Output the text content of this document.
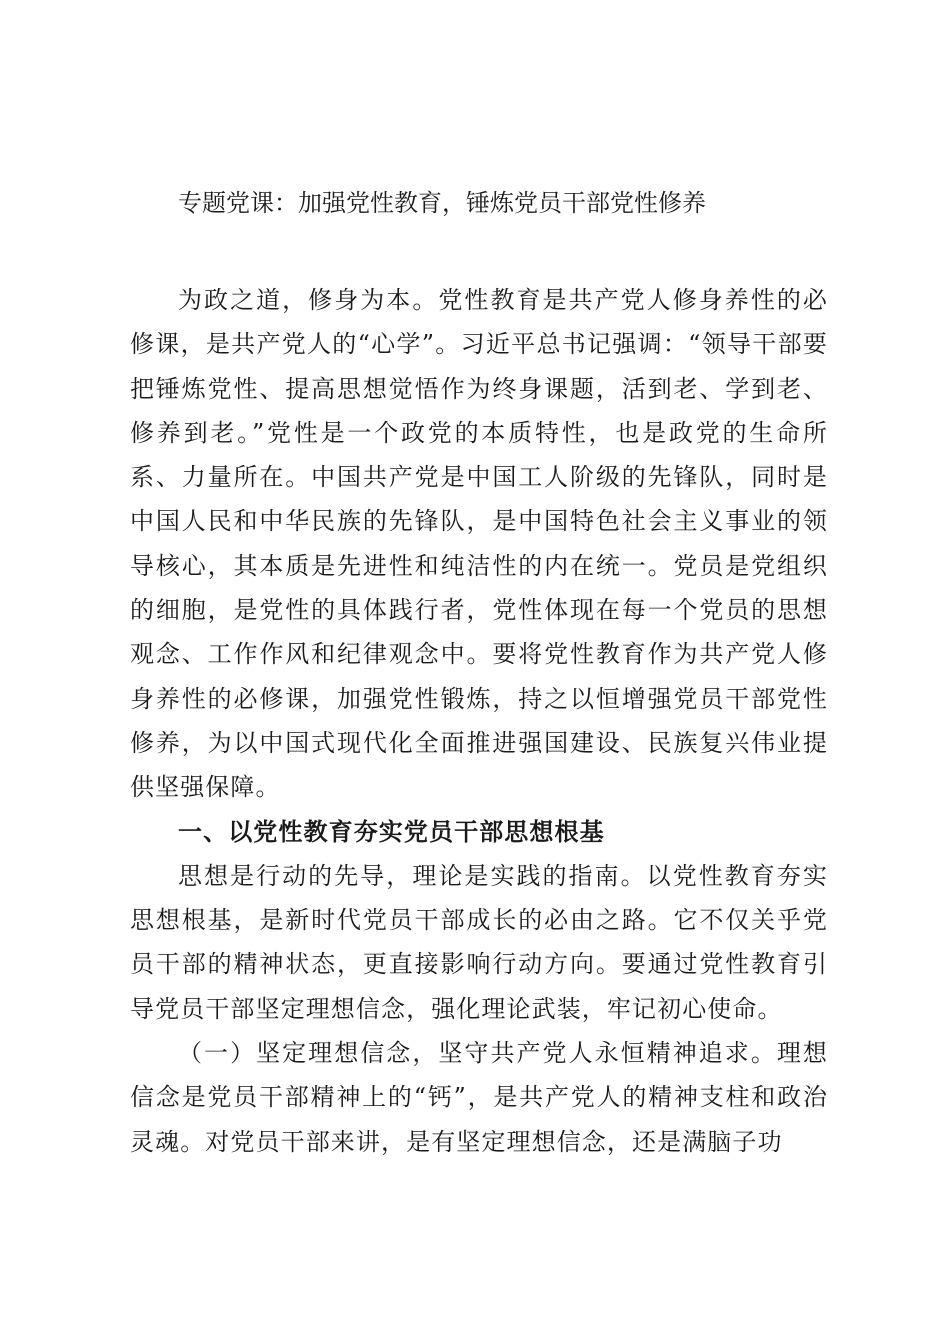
专题党课：加强党性教育，锤炼党员干部党性修养

为政之道，修身为本。党性教育是共产党人修身养性的必修课，是共产党人的“心学”。习近平总书记强调：“领导干部要把锤炼党性、提高思想觉悟作为终身课题，活到老、学到老、修养到老。”党性是一个政党的本质特性，也是政党的生命所系、力量所在。中国共产党是中国工人阶级的先锋队，同时是中国人民和中华民族的先锋队，是中国特色社会主义事业的领导核心，其本质是先进性和纯洁性的内在统一。党员是党组织的细胞，是党性的具体践行者，党性体现在每一个党员的思想观念、工作作风和纪律观念中。要将党性教育作为共产党人修身养性的必修课，加强党性锻炼，持之以恒增强党员干部党性修养，为以中国式现代化全面推进强国建设、民族复兴伟业提供坚强保障。

一、以党性教育夯实党员干部思想根基

思想是行动的先导，理论是实践的指南。以党性教育夯实思想根基，是新时代党员干部成长的必由之路。它不仅关乎党员干部的精神状态，更直接影响行动方向。要通过党性教育引导党员干部坚定理想信念，强化理论武装，牢记初心使命。

（一）坚定理想信念，坚守共产党人永恒精神追求。理想信念是党员干部精神上的“钙”，是共产党人的精神支柱和政治灵魂。对党员干部来讲，是有坚定理想信念，还是满脑子功
